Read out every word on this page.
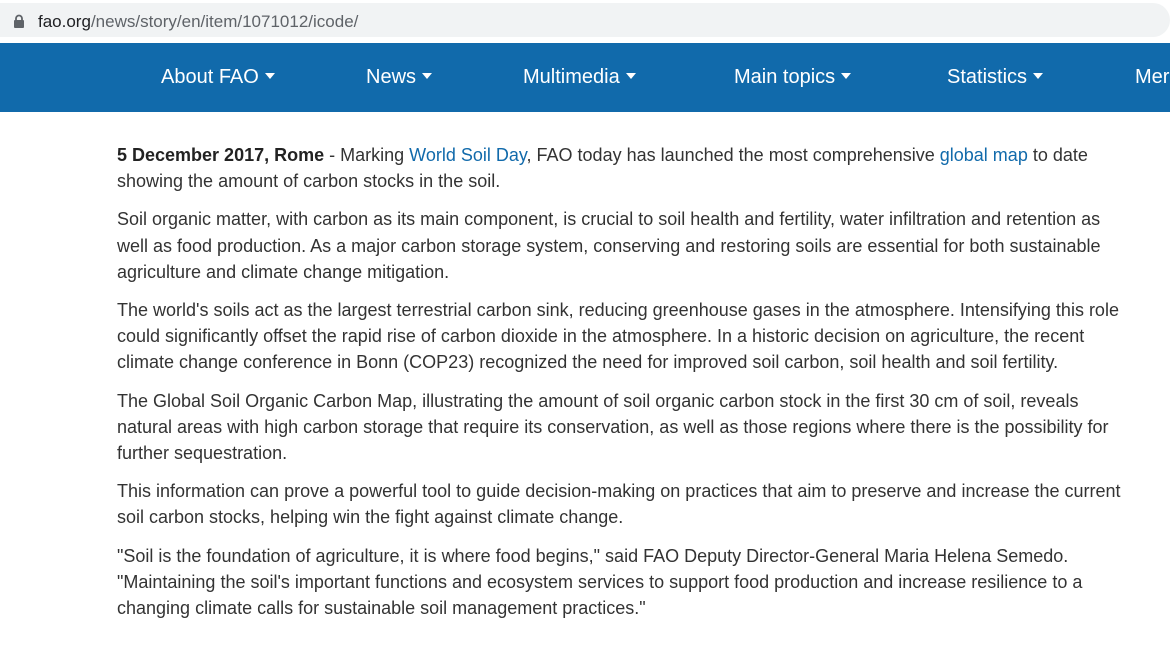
fao.org/news/story/en/item/1071012/icode/
About FAO	News	Multimedia	Main topics	Statistics	Mer

5 December 2017, Rome - Marking World Soil Day, FAO today has launched the most comprehensive global map to date showing the amount of carbon stocks in the soil.

Soil organic matter, with carbon as its main component, is crucial to soil health and fertility, water infiltration and retention as well as food production. As a major carbon storage system, conserving and restoring soils are essential for both sustainable agriculture and climate change mitigation.

The world's soils act as the largest terrestrial carbon sink, reducing greenhouse gases in the atmosphere. Intensifying this role could significantly offset the rapid rise of carbon dioxide in the atmosphere. In a historic decision on agriculture, the recent climate change conference in Bonn (COP23) recognized the need for improved soil carbon, soil health and soil fertility.

The Global Soil Organic Carbon Map, illustrating the amount of soil organic carbon stock in the first 30 cm of soil, reveals natural areas with high carbon storage that require its conservation, as well as those regions where there is the possibility for further sequestration.

This information can prove a powerful tool to guide decision-making on practices that aim to preserve and increase the current soil carbon stocks, helping win the fight against climate change.

"Soil is the foundation of agriculture, it is where food begins," said FAO Deputy Director-General Maria Helena Semedo. "Maintaining the soil's important functions and ecosystem services to support food production and increase resilience to a changing climate calls for sustainable soil management practices."
